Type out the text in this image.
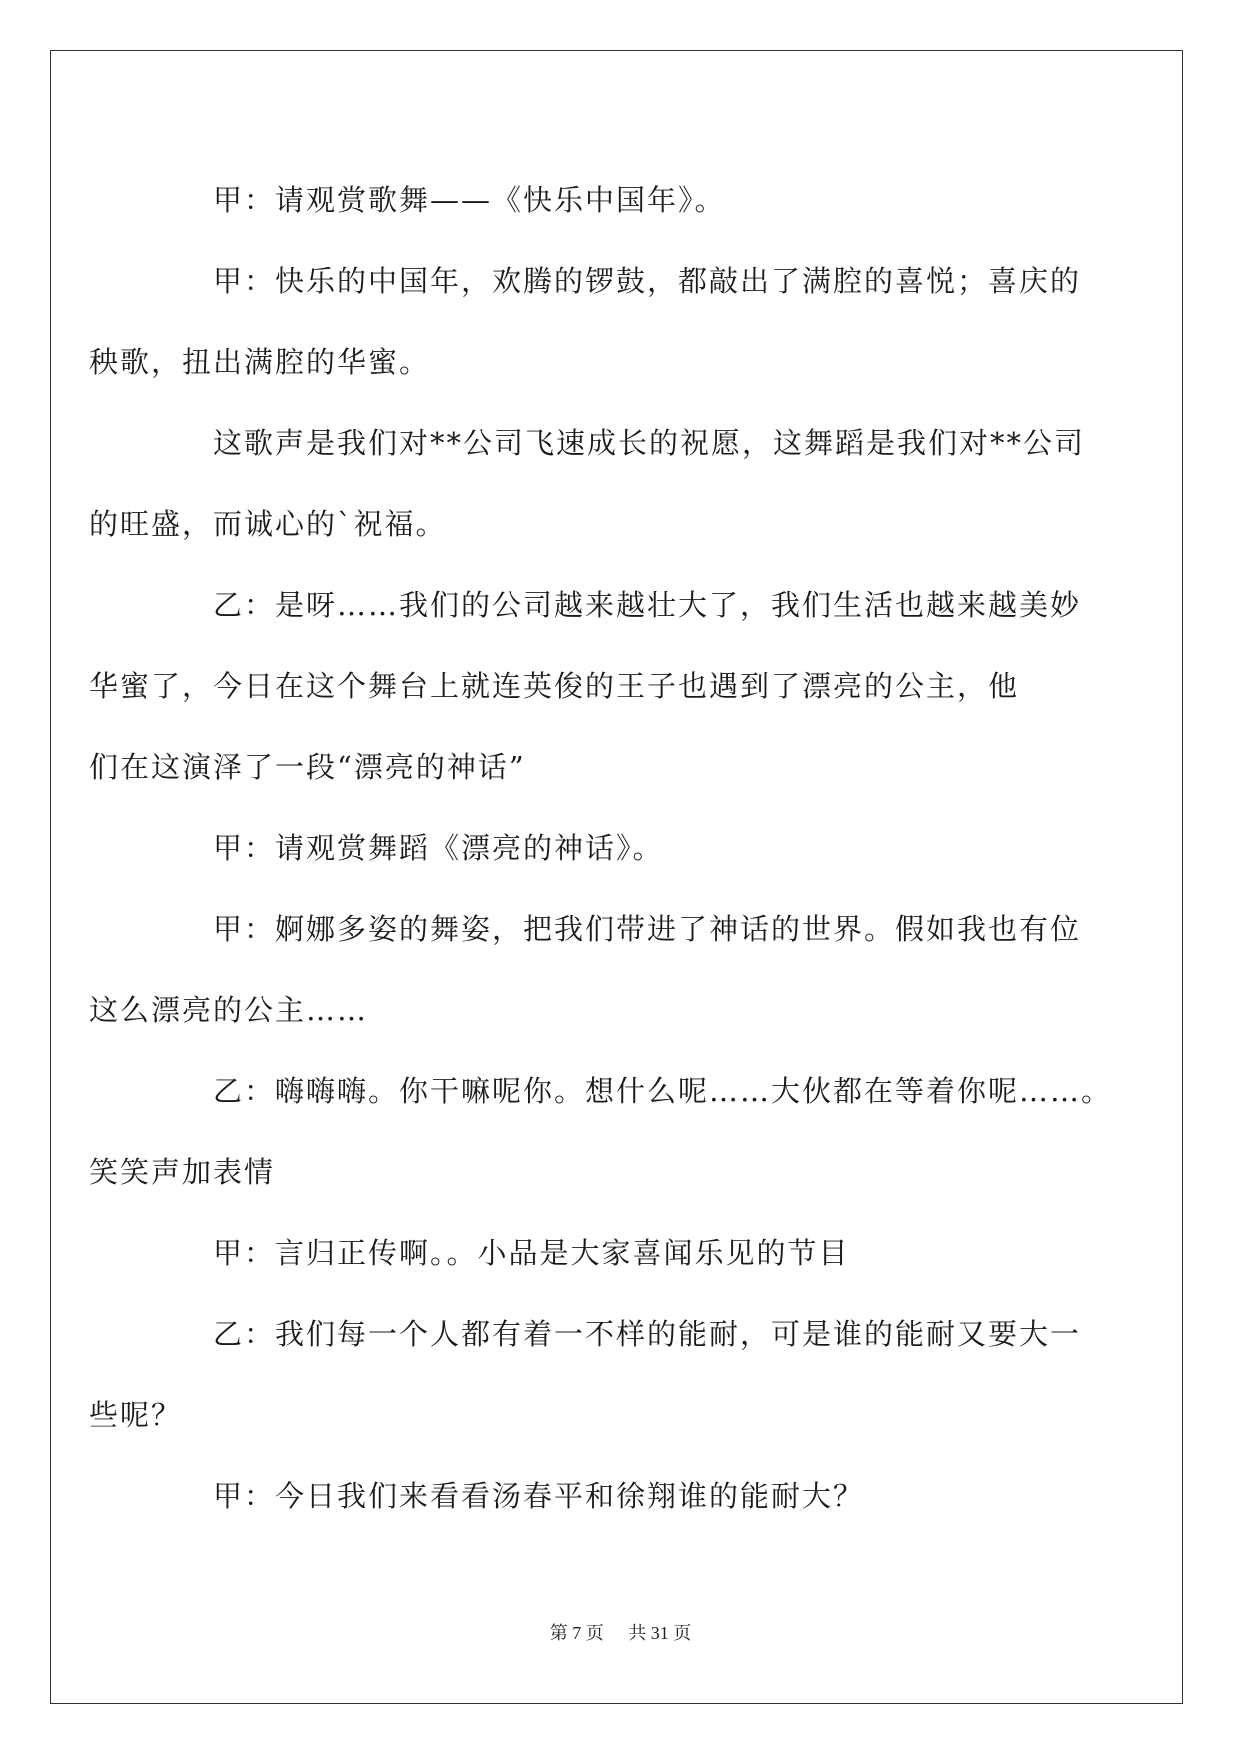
甲：请观赏歌舞——《快乐中国年》。

甲：快乐的中国年，欢腾的锣鼓，都敲出了满腔的喜悦；喜庆的
秧歌，扭出满腔的华蜜。

这歌声是我们对**公司飞速成长的祝愿，这舞蹈是我们对**公司
的旺盛，而诚心的`祝福。

乙：是呀……我们的公司越来越壮大了，我们生活也越来越美妙
华蜜了，今日在这个舞台上就连英俊的王子也遇到了漂亮的公主，他
们在这演泽了一段“漂亮的神话”

甲：请观赏舞蹈《漂亮的神话》。

甲：婀娜多姿的舞姿，把我们带进了神话的世界。假如我也有位
这么漂亮的公主……

乙：嗨嗨嗨。你干嘛呢你。想什么呢……大伙都在等着你呢……。
笑笑声加表情

甲：言归正传啊。。小品是大家喜闻乐见的节目

乙：我们每一个人都有着一不样的能耐，可是谁的能耐又要大一
些呢？

甲：今日我们来看看汤春平和徐翔谁的能耐大？

第 7 页 共 31 页
